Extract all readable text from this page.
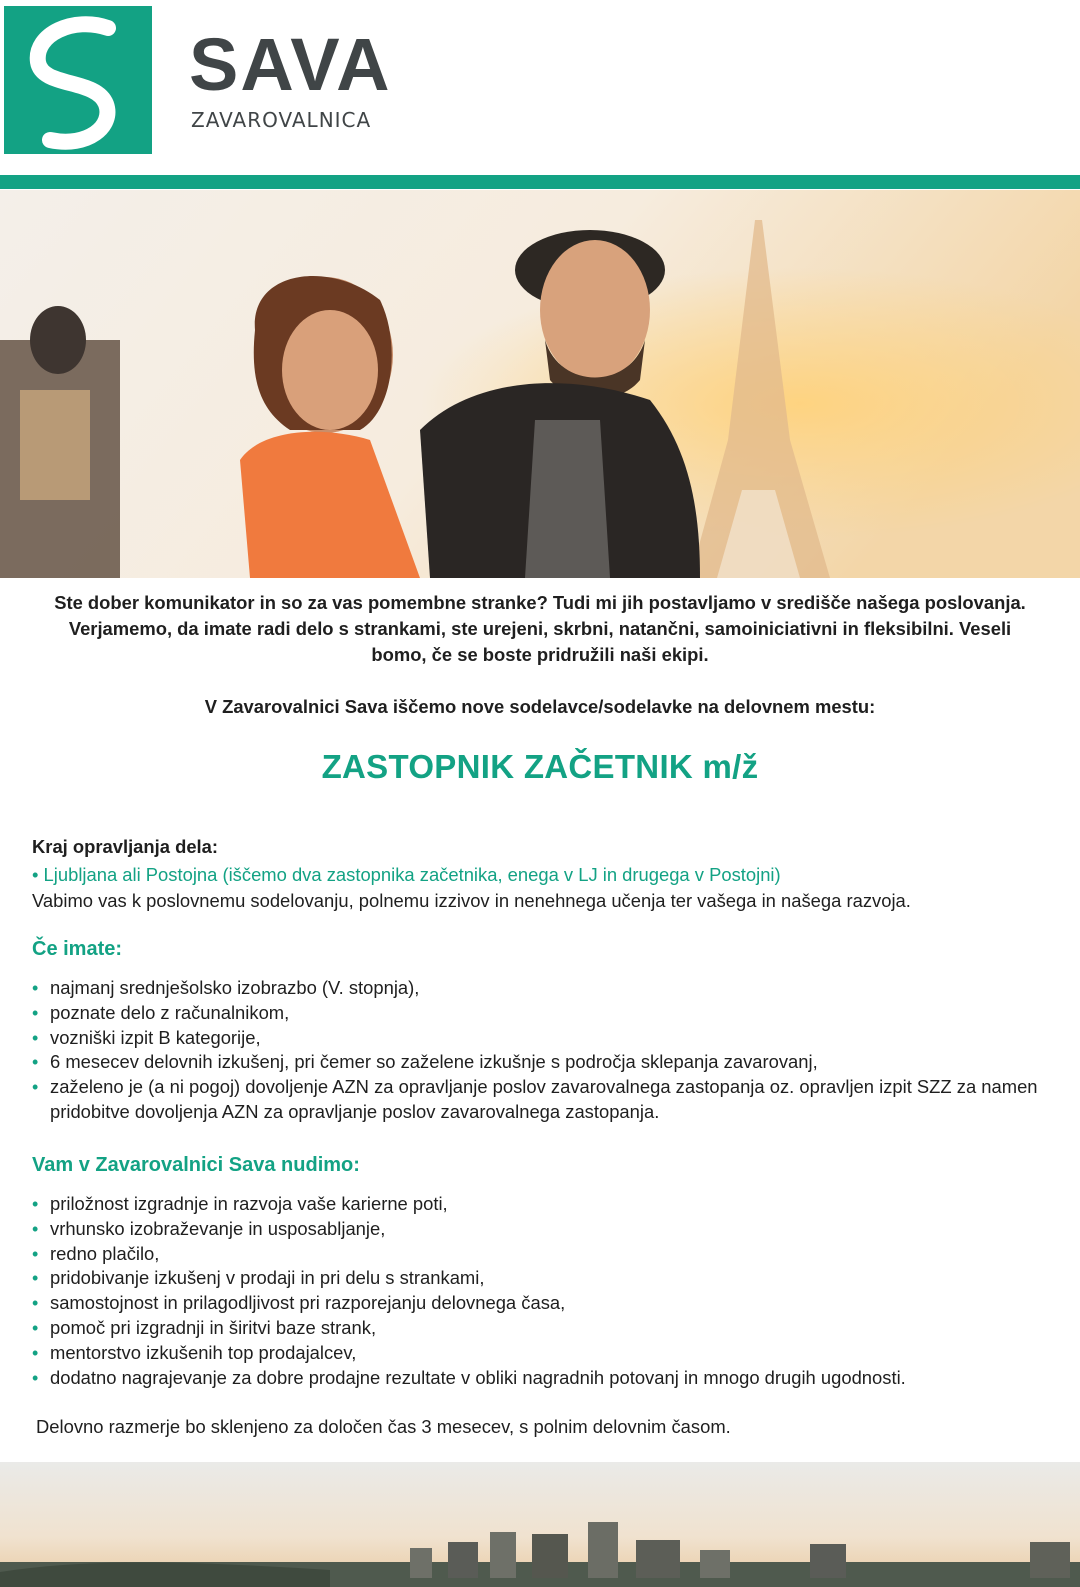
SAVA
ZAVAROVALNICA
Ste dober komunikator in so za vas pomembne stranke? Tudi mi jih postavljamo v središče našega poslovanja. Verjamemo, da imate radi delo s strankami, ste urejeni, skrbni, natančni, samoiniciativni in fleksibilni. Veseli bomo, če se boste pridružili naši ekipi.
V Zavarovalnici Sava iščemo nove sodelavce/sodelavke na delovnem mestu:
ZASTOPNIK ZAČETNIK m/ž
Kraj opravljanja dela:
• Ljubljana ali Postojna (iščemo dva zastopnika začetnika, enega v LJ in drugega v Postojni)
Vabimo vas k poslovnemu sodelovanju, polnemu izzivov in nenehnega učenja ter vašega in našega razvoja.
Če imate:
• najmanj srednješolsko izobrazbo (V. stopnja),
• poznate delo z računalnikom,
• vozniški izpit B kategorije,
• 6 mesecev delovnih izkušenj, pri čemer so zaželene izkušnje s področja sklepanja zavarovanj,
• zaželeno je (a ni pogoj) dovoljenje AZN za opravljanje poslov zavarovalnega zastopanja oz. opravljen izpit SZZ za namen pridobitve dovoljenja AZN za opravljanje poslov zavarovalnega zastopanja.
Vam v Zavarovalnici Sava nudimo:
• priložnost izgradnje in razvoja vaše karierne poti,
• vrhunsko izobraževanje in usposabljanje,
• redno plačilo,
• pridobivanje izkušenj v prodaji in pri delu s strankami,
• samostojnost in prilagodljivost pri razporejanju delovnega časa,
• pomoč pri izgradnji in širitvi baze strank,
• mentorstvo izkušenih top prodajalcev,
• dodatno nagrajevanje za dobre prodajne rezultate v obliki nagradnih potovanj in mnogo drugih ugodnosti.
Delovno razmerje bo sklenjeno za določen čas 3 mesecev, s polnim delovnim časom.
